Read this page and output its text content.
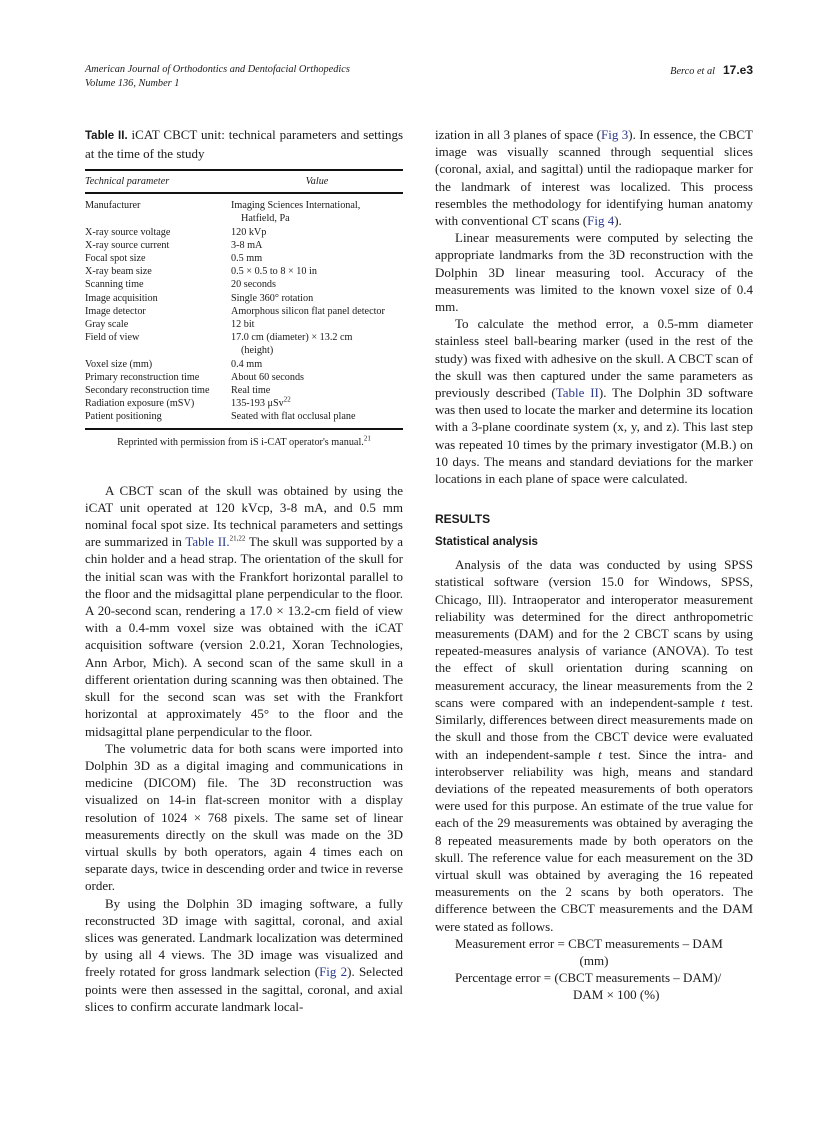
American Journal of Orthodontics and Dentofacial Orthopedics
Volume 136, Number 1
Berco et al 17.e3
Table II. iCAT CBCT unit: technical parameters and settings at the time of the study
Technical parameter	Value
Manufacturer	Imaging Sciences International,
Hatfield, Pa

X-ray source voltage	120 kVp
X-ray source current	3-8 mA
Focal spot size	0.5 mm
X-ray beam size	0.5 × 0.5 to 8 × 10 in
Scanning time	20 seconds
Image acquisition	Single 360° rotation
Image detector	Amorphous silicon flat panel detector
Gray scale	12 bit
Field of view	17.0 cm (diameter) × 13.2 cm
(height)

Voxel size (mm)	0.4 mm
Primary reconstruction time	About 60 seconds
Secondary reconstruction time	Real time
Radiation exposure (mSV)	135-193 μSv$^{22}$
Patient positioning	Seated with flat occlusal plane
Reprinted with permission from iS i-CAT operator's manual.$^{21}$

A CBCT scan of the skull was obtained by using the iCAT unit operated at 120 kVcp, 3-8 mA, and 0.5 mm nominal focal spot size. Its technical parameters and settings are summarized in Table II.$^{21,22}$ The skull was supported by a chin holder and a head strap. The orientation of the skull for the initial scan was with the Frankfort horizontal parallel to the floor and the midsagittal plane perpendicular to the floor. A 20-second scan, rendering a 17.0 × 13.2-cm field of view with a 0.4-mm voxel size was obtained with the iCAT acquisition software (version 2.0.21, Xoran Technologies, Ann Arbor, Mich). A second scan of the same skull in a different orientation during scanning was then obtained. The skull for the second scan was set with the Frankfort horizontal at approximately 45° to the floor and the midsagittal plane perpendicular to the floor.

The volumetric data for both scans were imported into Dolphin 3D as a digital imaging and communications in medicine (DICOM) file. The 3D reconstruction was visualized on 14-in flat-screen monitor with a display resolution of 1024 × 768 pixels. The same set of linear measurements directly on the skull was made on the 3D virtual skulls by both operators, again 4 times each on separate days, twice in descending order and twice in reverse order.

By using the Dolphin 3D imaging software, a fully reconstructed 3D image with sagittal, coronal, and axial slices was generated. Landmark localization was determined by using all 4 views. The 3D image was visualized and freely rotated for gross landmark selection (Fig 2). Selected points were then assessed in the sagittal, coronal, and axial slices to confirm accurate landmark local-

ization in all 3 planes of space (Fig 3). In essence, the CBCT image was visually scanned through sequential slices (coronal, axial, and sagittal) until the radiopaque marker for the landmark of interest was localized. This process resembles the methodology for identifying human anatomy with conventional CT scans (Fig 4).

Linear measurements were computed by selecting the appropriate landmarks from the 3D reconstruction with the Dolphin 3D linear measuring tool. Accuracy of the measurements was limited to the known voxel size of 0.4 mm.

To calculate the method error, a 0.5-mm diameter stainless steel ball-bearing marker (used in the rest of the study) was fixed with adhesive on the skull. A CBCT scan of the skull was then captured under the same parameters as previously described (Table II). The Dolphin 3D software was then used to locate the marker and determine its location with a 3-plane coordinate system (x, y, and z). This last step was repeated 10 times by the primary investigator (M.B.) on 10 days. The means and standard deviations for the marker locations in each plane of space were calculated.

RESULTS
Statistical analysis

Analysis of the data was conducted by using SPSS statistical software (version 15.0 for Windows, SPSS, Chicago, Ill). Intraoperator and interoperator measurement reliability was determined for the direct anthropometric measurements (DAM) and for the 2 CBCT scans by using repeated-measures analysis of variance (ANOVA). To test the effect of skull orientation during scanning on measurement accuracy, the linear measurements from the 2 scans were compared with an independent-sample t test. Similarly, differences between direct measurements made on the skull and those from the CBCT device were evaluated with an independent-sample t test. Since the intra- and interobserver reliability was high, means and standard deviations of the repeated measurements of both operators were used for this purpose. An estimate of the true value for each of the 29 measurements was obtained by averaging the 8 repeated measurements made by both operators on the skull. The reference value for each measurement on the 3D virtual skull was obtained by averaging the 16 repeated measurements on the 2 scans by both operators. The difference between the CBCT measurements and the DAM were stated as follows.

Measurement error = CBCT measurements – DAM
(mm)
Percentage error = (CBCT measurements – DAM)/
DAM × 100 (%)
